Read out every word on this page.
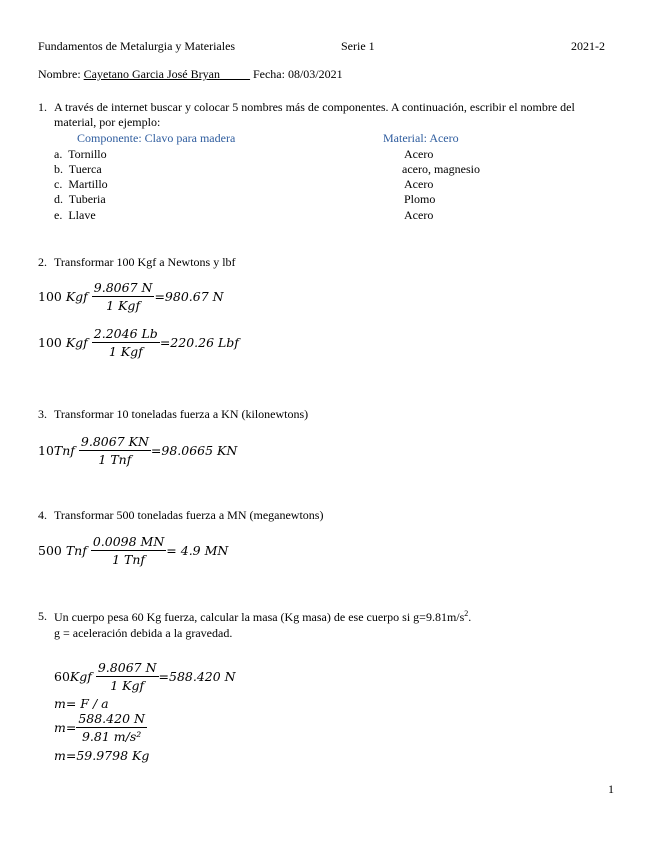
Fundamentos de Metalurgia y Materiales	Serie 1	2021-2
Nombre: Cayetano Garcia José Bryan_____ Fecha: 08/03/2021
1. A través de internet buscar y colocar 5 nombres más de componentes. A continuación, escribir el nombre del
material, por ejemplo:
Componente: Clavo para madera	Material: Acero
a. Tornillo	Acero
b. Tuerca	acero, magnesio
c. Martillo	Acero
d. Tuberia	Plomo
e. Llave	Acero
2. Transformar 100 Kgf a Newtons y lbf
100
Kgf
$\frac{9.8067 N}{\text{1 Kgf}} =980.67$ N
100
Kgf
$\frac{2.2046 Lb}{\text{1 Kgf}} =220.26$ Lbf
3. Transformar 10 toneladas fuerza a KN (kilonewtons)
10 Tnf
$\frac{9.8067 KN}{\text{1 Tnf}} =98.0665$ KN
4. Transformar 500 toneladas fuerza a MN (meganewtons)
500
Tnf
$\frac{0.0098 MN}{\text{1 Tnf}} = 4.9$ MN
5. Un cuerpo pesa 60 Kg fuerza, calcular la masa (Kg masa) de ese cuerpo si $g=9.81m/s^2$.
g = aceleración debida a la gravedad.
60 Kgf
$\frac{9.8067 N}{\text{1 Kgf}} =588.420$ N
m= F / a
$m= \frac{588.420 N}{\text{9.81 m/s²}}$
m=59.9798 Kg
1
